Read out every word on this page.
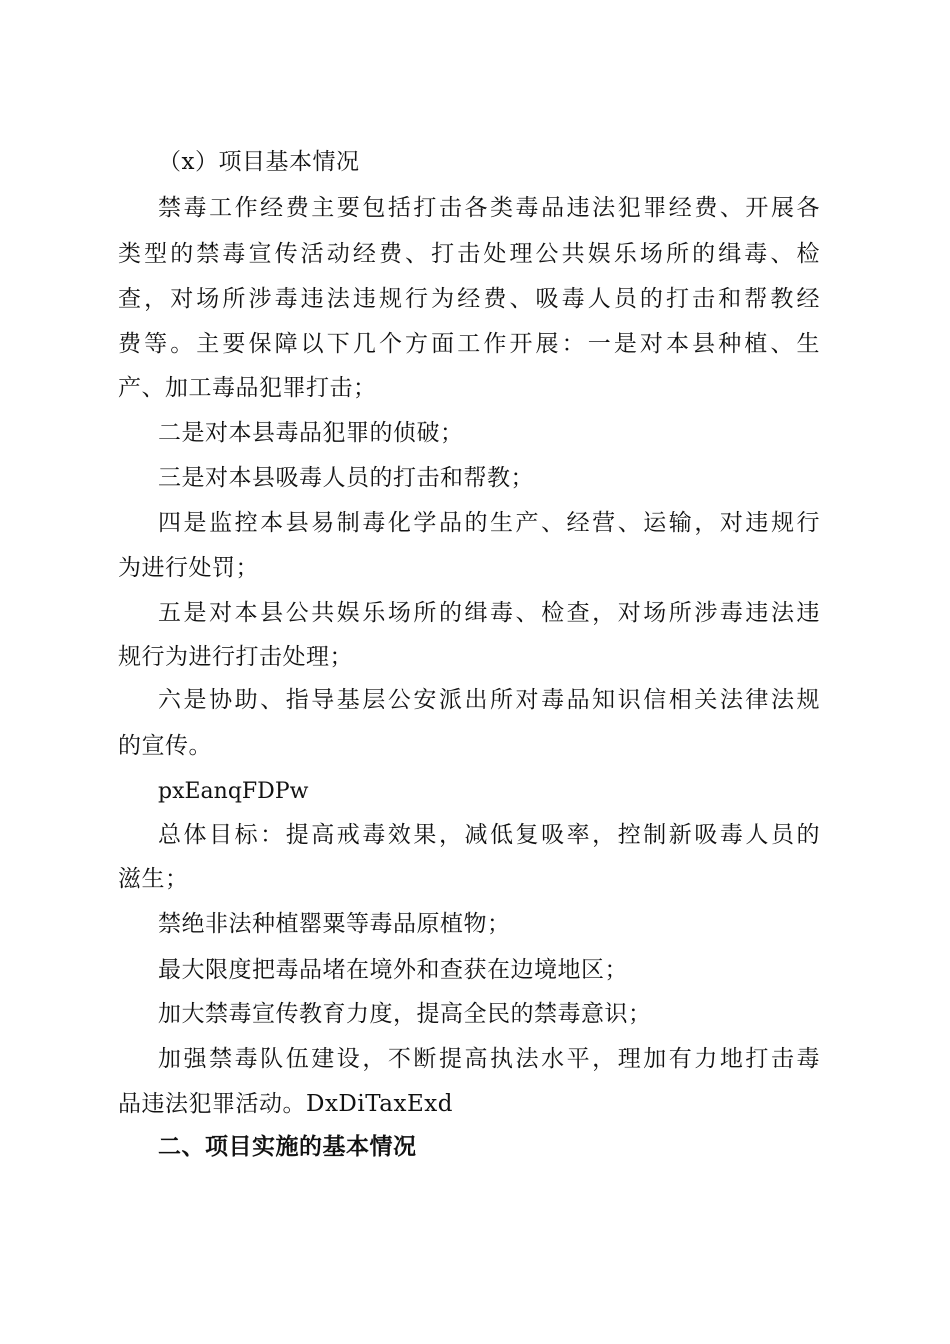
（x）项目基本情况
禁毒工作经费主要包括打击各类毒品违法犯罪经费、开展各
类型的禁毒宣传活动经费、打击处理公共娱乐场所的缉毒、检
查，对场所涉毒违法违规行为经费、吸毒人员的打击和帮教经
费等。主要保障以下几个方面工作开展：一是对本县种植、生
产、加工毒品犯罪打击；
二是对本县毒品犯罪的侦破；
三是对本县吸毒人员的打击和帮教；
四是监控本县易制毒化学品的生产、经营、运输，对违规行
为进行处罚；
五是对本县公共娱乐场所的缉毒、检查，对场所涉毒违法违
规行为进行打击处理；
六是协助、指导基层公安派出所对毒品知识信相关法律法规
的宣传。
pxEanqFDPw
总体目标：提高戒毒效果，减低复吸率，控制新吸毒人员的
滋生；
禁绝非法种植罂粟等毒品原植物；
最大限度把毒品堵在境外和查获在边境地区；
加大禁毒宣传教育力度，提高全民的禁毒意识；
加强禁毒队伍建设，不断提高执法水平，理加有力地打击毒
品违法犯罪活动。DxDiTaxExd
二、项目实施的基本情况
